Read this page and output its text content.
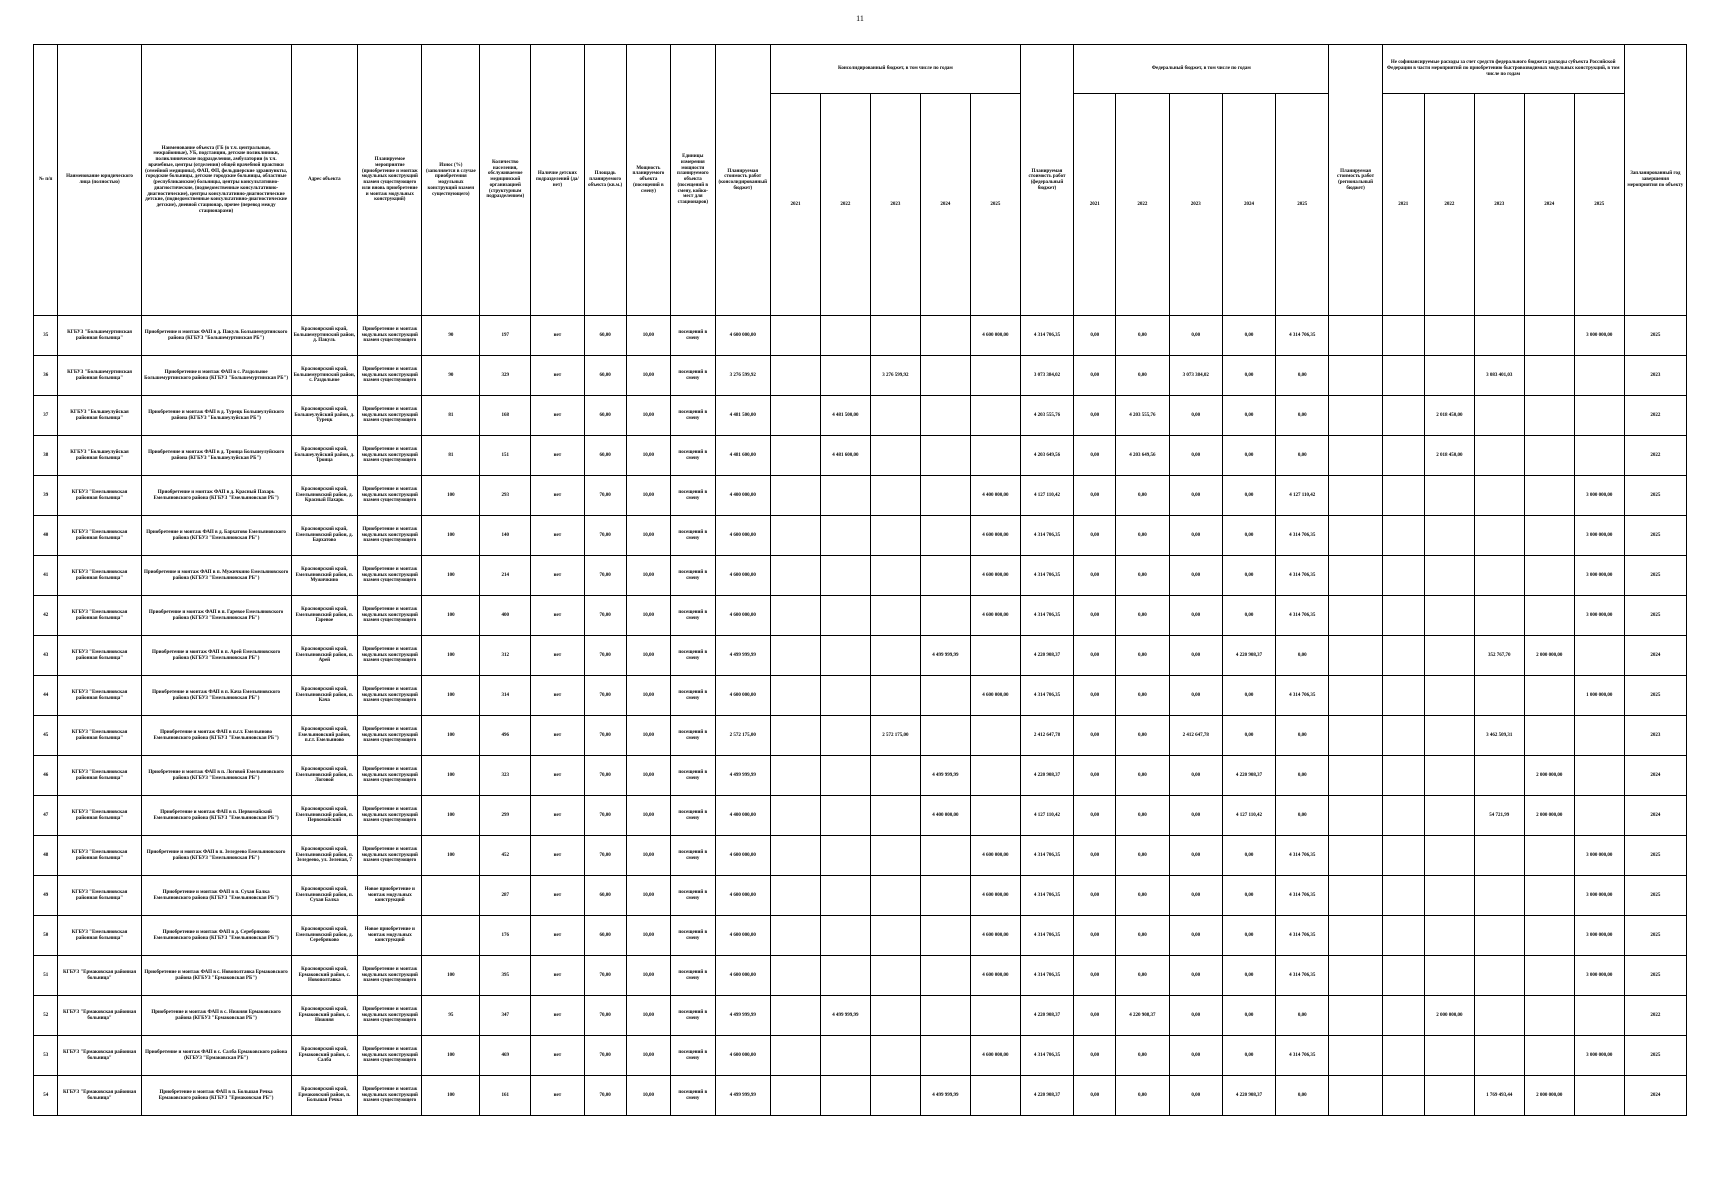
11
№ п/п	Наименование юридического лица (полностью)	Наименование объекта (ГБ (в т.ч. центральные, межрайонные), УБ, подстанции, детские поликлиники, поликлинические подразделения, амбулатории (в т.ч. врачебные, центры (отделения) общей врачебной практики (семейной медицины), ФАП, ФП, фельдшерские здравпункты, городские больницы, детские городские больницы, областные (республиканские) больницы, центры консультативно-диагностические, (подведомственные консультативно-диагностические), центры консультативно-диагностические детские, (подведомственные консультативно-диагностические детские), дневной стационар, прочее (перевод между стационарами)	Адрес объекта	Планируемое мероприятие (приобретение и монтаж модульных конструкций взамен существующего или вновь приобретение и монтаж модульных конструкций)	Износ (%) (заполняется в случае приобретения модульных конструкций взамен существующего)	Количество населения, обслуживаемое медицинской организацией (структурным подразделением)	Наличие детских подразделений (да/нет)	Площадь планируемого объекта (кв.м.)	Мощность планируемого объекта (посещений в смену)	Единицы измерения мощности планируемого объекта (посещений в смену, койко-мест для стационаров)	Планируемая стоимость работ (консолидированный бюджет)	Консолидированный бюджет, в том числе по годам					Планируемая стоимость работ (федеральный бюджет)	Федеральный бюджет, в том числе по годам					Планируемая стоимость работ (региональный бюджет)	Не софинансируемые расходы за счет средств федерального бюджета расходы субъекта Российской Федерации в части мероприятий по приобретению быстровозводимых модульных конструкций, в том числе по годам					Запланированный год завершения мероприятия по объекту
												2021	2022	2023	2024	2025		2021	2022	2023	2024	2025		2021	2022	2023	2024	2025	
35	КГБУЗ "Большемуртинская районная больница"	Приобретение и монтаж ФАП в д. Пакуль Большемуртинского района (КГБУЗ "Большемуртинская РБ")	Красноярский край, Большемуртинский район, д. Пакуль	Приобретение и монтаж модульных конструкций взамен существующего	90	197	нет	60,00	10,00	посещений в смену	4 600 000,00					4 600 000,00	4 314 706,35	0,00	0,00	0,00	0,00	4 314 706,35						3 000 000,00	2025
36	КГБУЗ "Большемуртинская районная больница"	Приобретение и монтаж ФАП в с. Раздольное Большемуртинского района (КГБУЗ "Большемуртинская РБ")	Красноярский край, Большемуртинский район, с. Раздольное	Приобретение и монтаж модульных конструкций взамен существующего	90	329	нет	60,00	10,00	посещений в смену	3 276 599,92			3 276 599,92			3 073 384,02	0,00	0,00	3 073 384,02	0,00	0,00				3 083 401,03			2023
37	КГБУЗ "Большеулуйская районная больница"	Приобретение и монтаж ФАП в д. Турецк Большеулуйского района (КГБУЗ "Большеулуйская РБ")	Красноярский край, Большеулуйский район, д. Турецк	Приобретение и монтаж модульных конструкций взамен существующего	81	168	нет	60,00	10,00	посещений в смену	4 481 500,00		4 481 500,00				4 203 555,76	0,00	4 203 555,76	0,00	0,00	0,00			2 018 450,00				2022
38	КГБУЗ "Большеулуйская районная больница"	Приобретение и монтаж ФАП в д. Троица Большеулуйского района (КГБУЗ "Большеулуйская РБ")	Красноярский край, Большеулуйский район, д. Троица	Приобретение и монтаж модульных конструкций взамен существующего	81	151	нет	60,00	10,00	посещений в смену	4 481 600,00		4 481 600,00				4 203 649,56	0,00	4 203 649,56	0,00	0,00	0,00			2 018 450,00				2022
39	КГБУЗ "Емельяновская районная больница"	Приобретение и монтаж ФАП в д. Красный Пахарь Емельяновского района (КГБУЗ "Емельяновская РБ")	Красноярский край, Емельяновский район, д. Красный Пахарь	Приобретение и монтаж модульных конструкций взамен существующего	100	293	нет	70,00	10,00	посещений в смену	4 400 000,00					4 400 000,00	4 127 110,42	0,00	0,00	0,00	0,00	4 127 110,42						3 000 000,00	2025
40	КГБУЗ "Емельяновская районная больница"	Приобретение и монтаж ФАП в д. Бархатово Емельяновского района (КГБУЗ "Емельяновская РБ")	Красноярский край, Емельяновский район, д. Бархатово	Приобретение и монтаж модульных конструкций взамен существующего	100	140	нет	70,00	10,00	посещений в смену	4 600 000,00					4 600 000,00	4 314 706,35	0,00	0,00	0,00	0,00	4 314 706,35						3 000 000,00	2025
41	КГБУЗ "Емельяновская районная больница"	Приобретение и монтаж ФАП в п. Мужичкино Емельяновского района (КГБУЗ "Емельяновская РБ")	Красноярский край, Емельяновский район, п. Мужичкино	Приобретение и монтаж модульных конструкций взамен существующего	100	214	нет	70,00	10,00	посещений в смену	4 600 000,00					4 600 000,00	4 314 706,35	0,00	0,00	0,00	0,00	4 314 706,35						3 000 000,00	2025
42	КГБУЗ "Емельяновская районная больница"	Приобретение и монтаж ФАП в п. Гаревое Емельяновского района (КГБУЗ "Емельяновская РБ")	Красноярский край, Емельяновский район, п. Гаревое	Приобретение и монтаж модульных конструкций взамен существующего	100	400	нет	70,00	10,00	посещений в смену	4 600 000,00					4 600 000,00	4 314 706,35	0,00	0,00	0,00	0,00	4 314 706,35						3 000 000,00	2025
43	КГБУЗ "Емельяновская районная больница"	Приобретение и монтаж ФАП в п. Арей Емельяновского района (КГБУЗ "Емельяновская РБ")	Красноярский край, Емельяновский район, п. Арей	Приобретение и монтаж модульных конструкций взамен существующего	100	312	нет	70,00	10,00	посещений в смену	4 499 999,99				4 499 999,99		4 220 908,37	0,00	0,00	0,00	4 220 908,37	0,00				352 767,70	2 000 000,00		2024
44	КГБУЗ "Емельяновская районная больница"	Приобретение и монтаж ФАП в п. Кача Емельяновского района (КГБУЗ "Емельяновская РБ")	Красноярский край, Емельяновский район, п. Кача	Приобретение и монтаж модульных конструкций взамен существующего	100	314	нет	70,00	10,00	посещений в смену	4 600 000,00					4 600 000,00	4 314 706,35	0,00	0,00	0,00	0,00	4 314 706,35						1 000 000,00	2025
45	КГБУЗ "Емельяновская районная больница"	Приобретение и монтаж ФАП в п.г.т. Емельяново Емельяновского района (КГБУЗ "Емельяновская РБ")	Красноярский край, Емельяновский район, п.г.т. Емельяново	Приобретение и монтаж модульных конструкций взамен существующего	100	496	нет	70,00	10,00	посещений в смену	2 572 175,00			2 572 175,00			2 412 647,78	0,00	0,00	2 412 647,78	0,00	0,00				3 462 509,31			2023
46	КГБУЗ "Емельяновская районная больница"	Приобретение и монтаж ФАП в п. Логовой Емельяновского района (КГБУЗ "Емельяновская РБ")	Красноярский край, Емельяновский район, п. Логовой	Приобретение и монтаж модульных конструкций взамен существующего	100	323	нет	70,00	10,00	посещений в смену	4 499 999,99				4 499 999,99		4 220 908,37	0,00	0,00	0,00	4 220 908,37	0,00					2 000 000,00		2024
47	КГБУЗ "Емельяновская районная больница"	Приобретение и монтаж ФАП в п. Первомайский Емельяновского района (КГБУЗ "Емельяновская РБ")	Красноярский край, Емельяновский район, п. Первомайский	Приобретение и монтаж модульных конструкций взамен существующего	100	299	нет	70,00	10,00	посещений в смену	4 400 000,00				4 400 000,00		4 127 110,42	0,00	0,00	0,00	4 127 110,42	0,00				54 721,99	2 000 000,00		2024
48	КГБУЗ "Емельяновская районная больница"	Приобретение и монтаж ФАП в п. Зеледеево Емельяновского района (КГБУЗ "Емельяновская РБ")	Красноярский край, Емельяновский район, п. Зеледеево, ул. Зеленая, 7	Приобретение и монтаж модульных конструкций взамен существующего	100	452	нет	70,00	10,00	посещений в смену	4 600 000,00					4 600 000,00	4 314 706,35	0,00	0,00	0,00	0,00	4 314 706,35						3 000 000,00	2025
49	КГБУЗ "Емельяновская районная больница"	Приобретение и монтаж ФАП в п. Сухая Балка Емельяновского района (КГБУЗ "Емельяновская РБ")	Красноярский край, Емельяновский район, п. Сухая Балка	Новое приобретение и монтаж модульных конструкций		287	нет	60,00	10,00	посещений в смену	4 600 000,00					4 600 000,00	4 314 706,35	0,00	0,00	0,00	0,00	4 314 706,35						3 000 000,00	2025
50	КГБУЗ "Емельяновская районная больница"	Приобретение и монтаж ФАП в д. Серебряково Емельяновского района (КГБУЗ "Емельяновская РБ")	Красноярский край, Емельяновский район, д. Серебряково	Новое приобретение и монтаж модульных конструкций		176	нет	60,00	10,00	посещений в смену	4 600 000,00					4 600 000,00	4 314 706,35	0,00	0,00	0,00	0,00	4 314 706,35						3 000 000,00	2025
51	КГБУЗ "Ермаковская районная больница"	Приобретение и монтаж ФАП в с. Новополтавка Ермаковского района (КГБУЗ "Ермаковская РБ")	Красноярский край, Ермаковский район, с. Новополтавка	Приобретение и монтаж модульных конструкций взамен существующего	100	395	нет	70,00	10,00	посещений в смену	4 600 000,00					4 600 000,00	4 314 706,35	0,00	0,00	0,00	0,00	4 314 706,35						3 000 000,00	2025
52	КГБУЗ "Ермаковская районная больница"	Приобретение и монтаж ФАП в с. Нижняя Ермаковского района (КГБУЗ "Ермаковская РБ")	Красноярский край, Ермаковский район, с. Нижняя	Приобретение и монтаж модульных конструкций взамен существующего	95	347	нет	70,00	10,00	посещений в смену	4 499 999,99		4 499 999,99				4 220 908,37	0,00	4 220 908,37	0,00	0,00	0,00			2 000 000,00				2022
53	КГБУЗ "Ермаковская районная больница"	Приобретение и монтаж ФАП в с. Салба Ермаковского района (КГБУЗ "Ермаковская РБ")	Красноярский край, Ермаковский район, с. Салба	Приобретение и монтаж модульных конструкций взамен существующего	100	469	нет	70,00	10,00	посещений в смену	4 600 000,00					4 600 000,00	4 314 706,35	0,00	0,00	0,00	0,00	4 314 706,35						3 000 000,00	2025
54	КГБУЗ "Ермаковская районная больница"	Приобретение и монтаж ФАП в п. Большая Речка Ермаковского района (КГБУЗ "Ермаковская РБ")	Красноярский край, Ермаковский район, п. Большая Речка	Приобретение и монтаж модульных конструкций взамен существующего	100	161	нет	70,00	10,00	посещений в смену	4 499 999,99				4 499 999,99		4 220 908,37	0,00	0,00	0,00	4 220 908,37	0,00				1 769 493,44	2 000 000,00		2024
